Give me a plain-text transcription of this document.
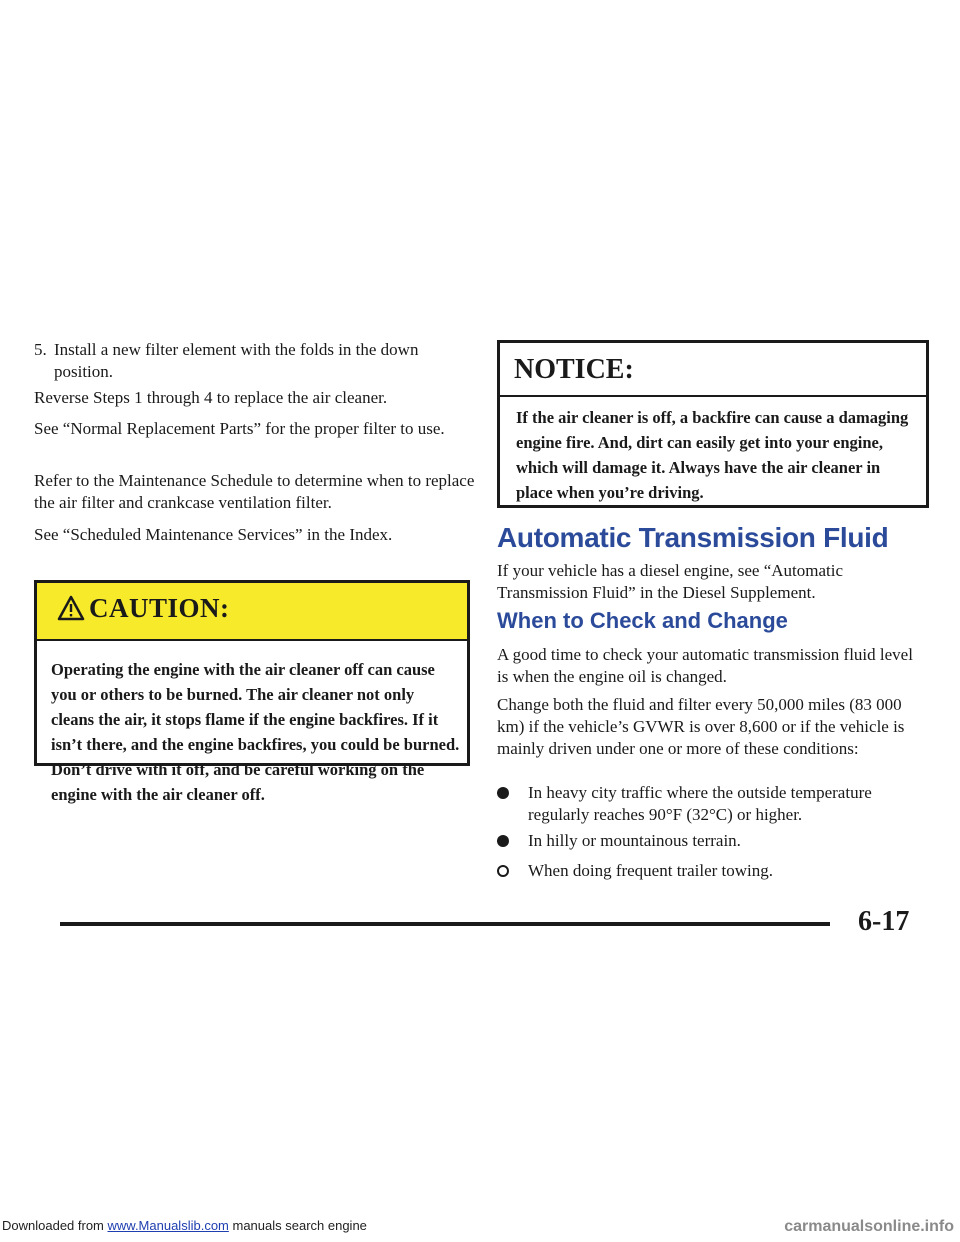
5. Install a new filter element with the folds in the down position.

Reverse Steps 1 through 4 to replace the air cleaner.

See “Normal Replacement Parts” for the proper filter to use.

Refer to the Maintenance Schedule to determine when to replace the air filter and crankcase ventilation filter.

See “Scheduled Maintenance Services” in the Index.

CAUTION:

Operating the engine with the air cleaner off can cause you or others to be burned. The air cleaner not only cleans the air, it stops flame if the engine backfires. If it isn’t there, and the engine backfires, you could be burned. Don’t drive with it off, and be careful working on the engine with the air cleaner off.

NOTICE:

If the air cleaner is off, a backfire can cause a damaging engine fire. And, dirt can easily get into your engine, which will damage it. Always have the air cleaner in place when you’re driving.

Automatic Transmission Fluid

If your vehicle has a diesel engine, see “Automatic Transmission Fluid” in the Diesel Supplement.

When to Check and Change

A good time to check your automatic transmission fluid level is when the engine oil is changed.

Change both the fluid and filter every 50,000 miles (83 000 km) if the vehicle’s GVWR is over 8,600 or if the vehicle is mainly driven under one or more of these conditions:

In heavy city traffic where the outside temperature regularly reaches 90°F (32°C) or higher.

In hilly or mountainous terrain.

When doing frequent trailer towing.

6-17
Downloaded from www.Manualslib.com manuals search engine	carmanualsonline.info
